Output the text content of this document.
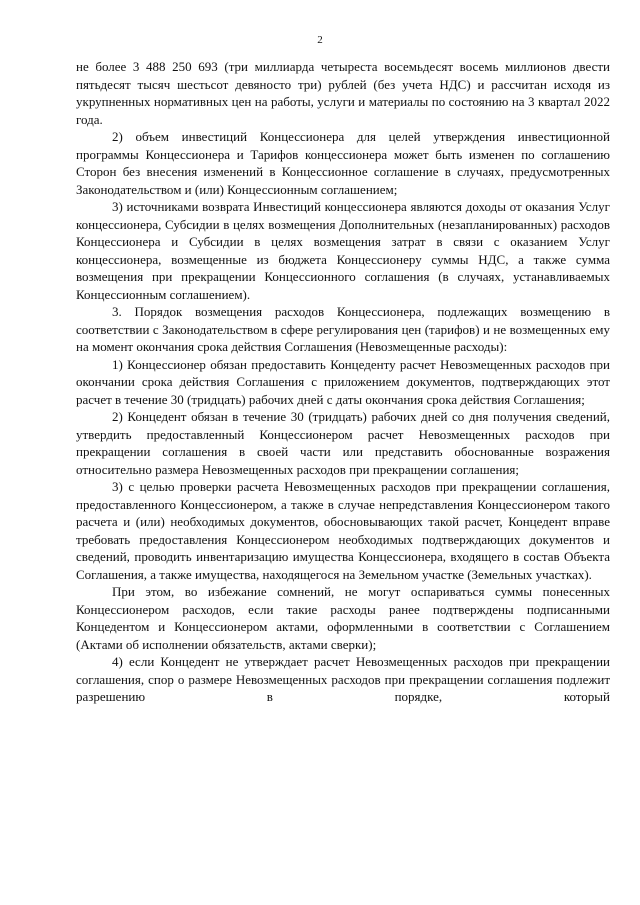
2

не более 3 488 250 693 (три миллиарда четыреста восемьдесят восемь миллионов двести пятьдесят тысяч шестьсот девяносто три) рублей (без учета НДС) и рассчитан исходя из укрупненных нормативных цен на работы, услуги и материалы по состоянию на 3 квартал 2022 года.

2) объем инвестиций Концессионера для целей утверждения инвестиционной программы Концессионера и Тарифов концессионера может быть изменен по соглашению Сторон без внесения изменений в Концессионное соглашение в случаях, предусмотренных Законодательством и (или) Концессионным соглашением;

3) источниками возврата Инвестиций концессионера являются доходы от оказания Услуг концессионера, Субсидии в целях возмещения Дополнительных (незапланированных) расходов Концессионера и Субсидии в целях возмещения затрат в связи с оказанием Услуг концессионера, возмещенные из бюджета Концессионеру суммы НДС, а также сумма возмещения при прекращении Концессионного соглашения (в случаях, устанавливаемых Концессионным соглашением).

3. Порядок возмещения расходов Концессионера, подлежащих возмещению в соответствии с Законодательством в сфере регулирования цен (тарифов) и не возмещенных ему на момент окончания срока действия Соглашения (Невозмещенные расходы):

1) Концессионер обязан предоставить Концеденту расчет Невозмещенных расходов при окончании срока действия Соглашения с приложением документов, подтверждающих этот расчет в течение 30 (тридцать) рабочих дней с даты окончания срока действия Соглашения;

2) Концедент обязан в течение 30 (тридцать) рабочих дней со дня получения сведений, утвердить предоставленный Концессионером расчет Невозмещенных расходов при прекращении соглашения в своей части или представить обоснованные возражения относительно размера Невозмещенных расходов при прекращении соглашения;

3) с целью проверки расчета Невозмещенных расходов при прекращении соглашения, предоставленного Концессионером, а также в случае непредставления Концессионером такого расчета и (или) необходимых документов, обосновывающих такой расчет, Концедент вправе требовать предоставления Концессионером необходимых подтверждающих документов и сведений, проводить инвентаризацию имущества Концессионера, входящего в состав Объекта Соглашения, а также имущества, находящегося на Земельном участке (Земельных участках).

При этом, во избежание сомнений, не могут оспариваться суммы понесенных Концессионером расходов, если такие расходы ранее подтверждены подписанными Концедентом и Концессионером актами, оформленными в соответствии с Соглашением (Актами об исполнении обязательств, актами сверки);

4) если Концедент не утверждает расчет Невозмещенных расходов при прекращении соглашения, спор о размере Невозмещенных расходов при прекращении соглашения подлежит разрешению в порядке, который
